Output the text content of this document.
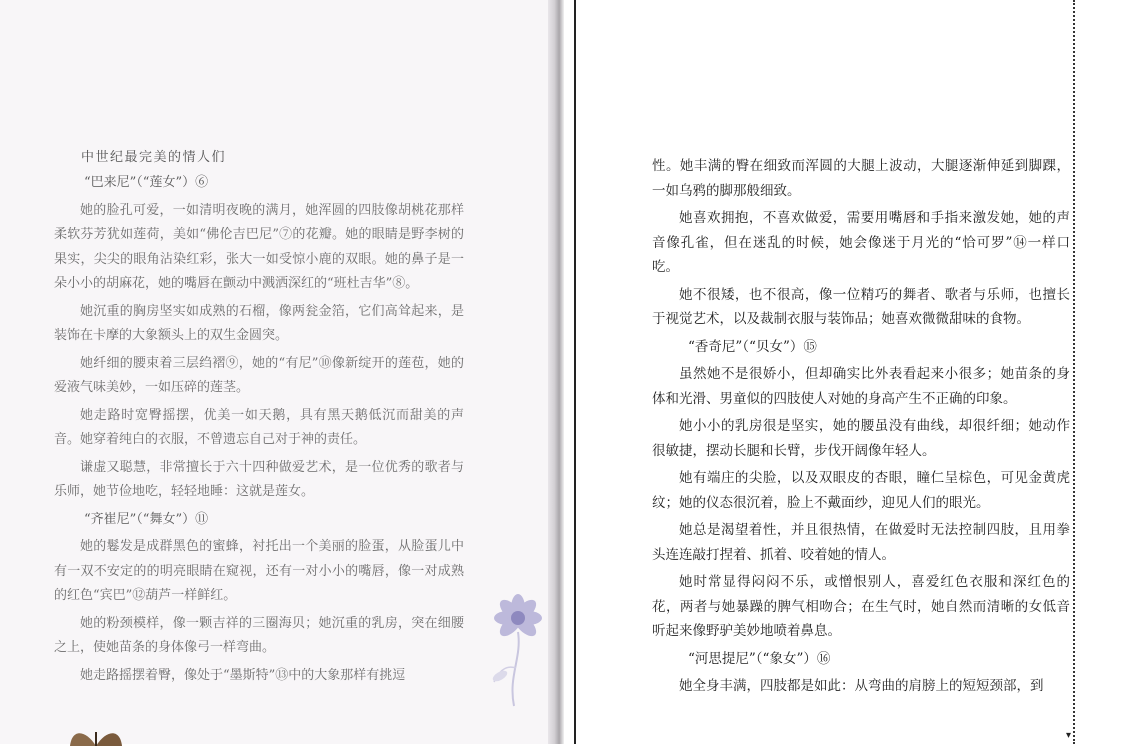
中世纪最完美的情人们

“巴来尼”（“莲女”）⑥

她的脸孔可爱，一如清明夜晚的满月，她浑圆的四肢像胡桃花那样柔软芬芳犹如莲荷，美如“佛伦吉巴尼”⑦的花瓣。她的眼睛是野李树的果实，尖尖的眼角沾染红彩，张大一如受惊小鹿的双眼。她的鼻子是一朵小小的胡麻花，她的嘴唇在颤动中溅洒深红的“班杜吉华”⑧。

她沉重的胸房坚实如成熟的石榴，像两瓮金箔，它们高耸起来，是装饰在卡摩的大象额头上的双生金圆突。

她纤细的腰束着三层绉褶⑨，她的“有尼”⑩像新绽开的莲苞，她的爱液气味美妙，一如压碎的莲茎。

她走路时宽臀摇摆，优美一如天鹅，具有黑天鹅低沉而甜美的声音。她穿着纯白的衣服，不曾遗忘自己对于神的责任。

谦虚又聪慧，非常擅长于六十四种做爱艺术，是一位优秀的歌者与乐师，她节俭地吃，轻轻地睡：这就是莲女。

“齐崔尼”（“舞女”）⑪

她的鬈发是成群黑色的蜜蜂，衬托出一个美丽的脸蛋，从脸蛋儿中有一双不安定的的明亮眼睛在窥视，还有一对小小的嘴唇，像一对成熟的红色“宾巴”⑫葫芦一样鲜红。

她的粉颈模样，像一颗吉祥的三圈海贝；她沉重的乳房，突在细腰之上，使她苗条的身体像弓一样弯曲。

她走路摇摆着臀，像处于“墨斯特”⑬中的大象那样有挑逗

性。她丰满的臀在细致而浑圆的大腿上波动，大腿逐渐伸延到脚踝，一如乌鸦的脚那般细致。

她喜欢拥抱，不喜欢做爱，需要用嘴唇和手指来激发她，她的声音像孔雀，但在迷乱的时候，她会像迷于月光的“恰可罗”⑭一样口吃。

她不很矮，也不很高，像一位精巧的舞者、歌者与乐师，也擅长于视觉艺术，以及裁制衣服与装饰品；她喜欢微微甜味的食物。

“香奇尼”（“贝女”）⑮

虽然她不是很娇小，但却确实比外表看起来小很多；她苗条的身体和光滑、男童似的四肢使人对她的身高产生不正确的印象。

她小小的乳房很是坚实，她的腰虽没有曲线，却很纤细；她动作很敏捷，摆动长腿和长臂，步伐开阔像年轻人。

她有端庄的尖脸，以及双眼皮的杏眼，瞳仁呈棕色，可见金黄虎纹；她的仪态很沉着，脸上不戴面纱，迎见人们的眼光。

她总是渴望着性，并且很热情，在做爱时无法控制四肢，且用拳头连连敲打捏着、抓着、咬着她的情人。

她时常显得闷闷不乐，或憎恨别人，喜爱红色衣服和深红色的花，两者与她暴躁的脾气相吻合；在生气时，她自然而清晰的女低音听起来像野驴美妙地喷着鼻息。

“河思提尼”（“象女”）⑯

她全身丰满，四肢都是如此：从弯曲的肩膀上的短短颈部，到

▾
